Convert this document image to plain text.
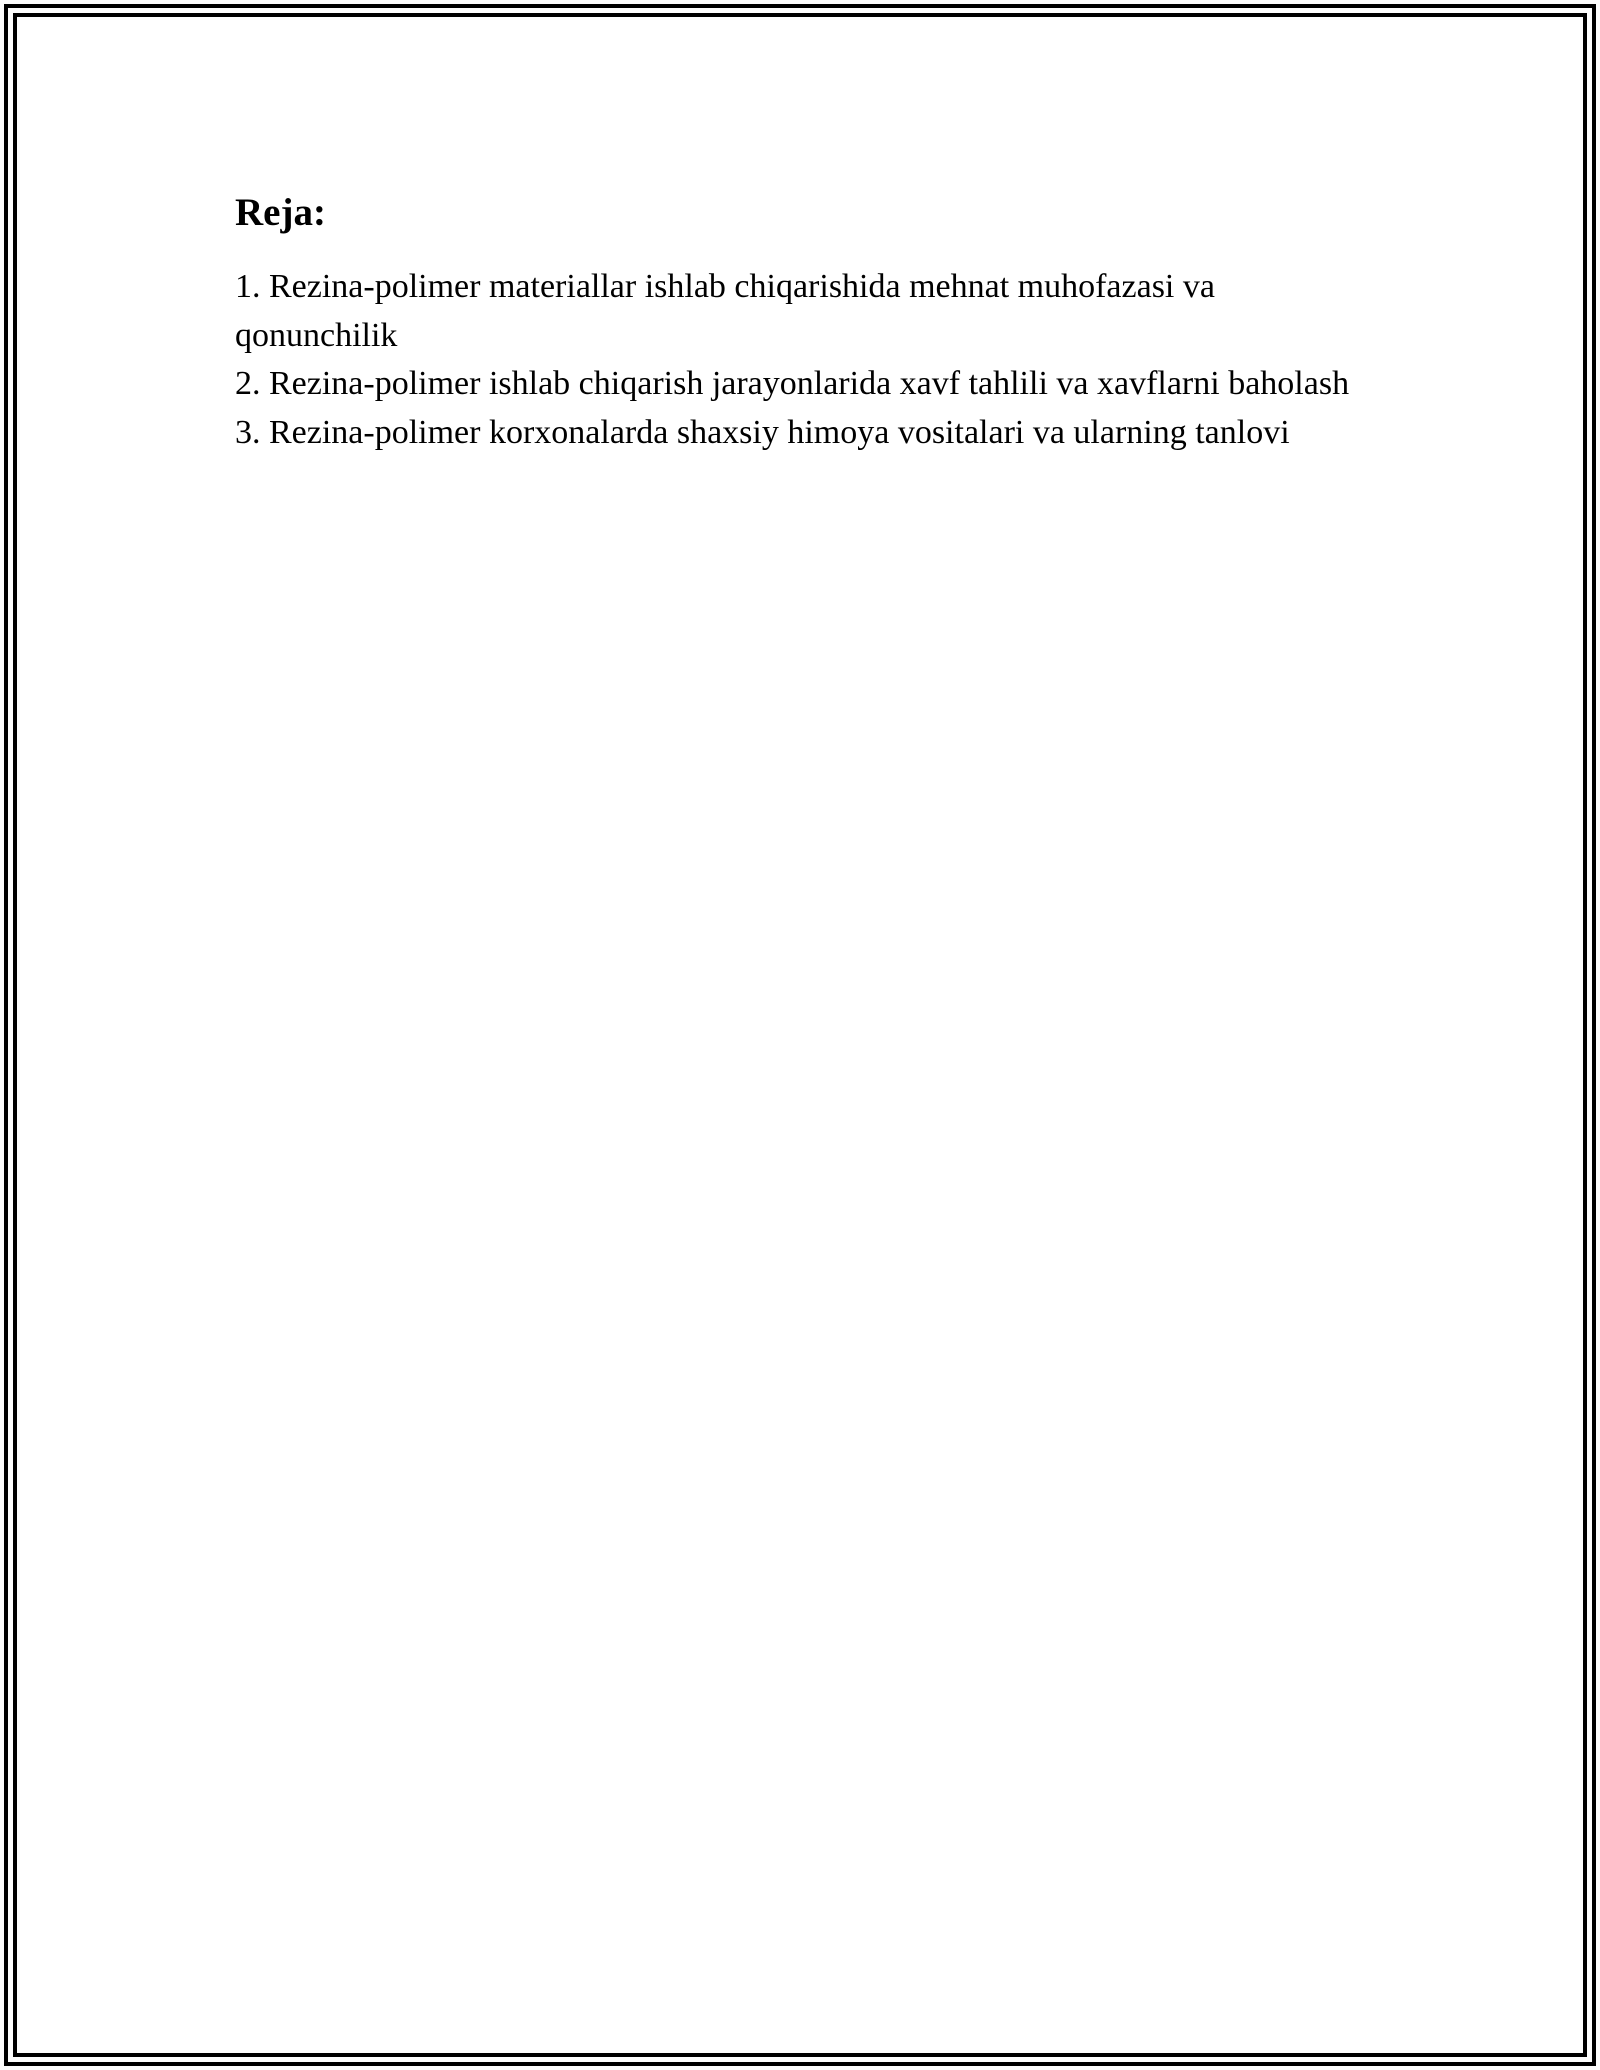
Reja:
1. Rezina-polimer materiallar ishlab chiqarishida mehnat muhofazasi va qonunchilik
2. Rezina-polimer ishlab chiqarish jarayonlarida xavf tahlili va xavflarni baholash
3. Rezina-polimer korxonalarda shaxsiy himoya vositalari va ularning tanlovi
